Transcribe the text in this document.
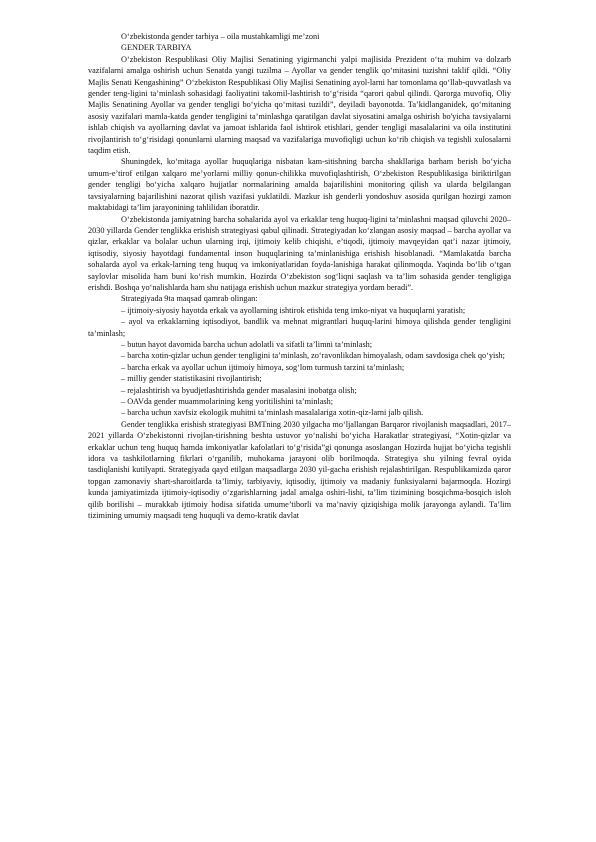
O‘zbekistonda gender tarbiya – oila mustahkamligi me’zoni

GENDER TARBIYA

O‘zbekiston Respublikasi Oliy Majlisi Senatining yigirmanchi yalpi majlisida Prezident o‘ta muhim va dolzarb vazifalarni amalga oshirish uchun Senatda yangi tuzilma – Ayollar va gender tenglik qo‘mitasini tuzishni taklif qildi. “Oliy Majlis Senati Kengashining” O‘zbekiston Respublikasi Oliy Majlisi Senatining ayol-larni har tomonlama qo‘llab-quvvatlash va gender teng-ligini ta’minlash sohasidagi faoliyatini takomil-lashtirish to‘g‘risida “qarori qabul qilindi. Qarorga muvofiq, Oliy Majlis Senatining Ayollar va gender tengligi bo‘yicha qo‘mitasi tuzildi”, deyiladi bayonotda. Ta’kidlanganidek, qo‘mitaning asosiy vazifalari mamla-katda gender tengligini ta’minlashga qaratilgan davlat siyosatini amalga oshirish bo'yicha tavsiyalarni ishlab chiqish va ayollarning davlat va jamoat ishlarida faol ishtirok etishlari, gender tengligi masalalarini va oila institutini rivojlantirish to‘g‘risidagi qonunlarni ularning maqsad va vazifalariga muvofiqligi uchun ko‘rib chiqish va tegishli xulosalarni taqdim etish.

Shuningdek, ko‘mitaga ayollar huquqlariga nisbatan kam-sitishning barcha shakllariga barham berish bo‘yicha umum-e’tirof etilgan xalqaro me’yorlarni milliy qonun-chilikka muvofiqlashtirish, O‘zbekiston Respublikasiga biriktirilgan gender tengligi bo‘yicha xalqaro hujjatlar normalarining amalda bajarilishini monitoring qilish va ularda belgilangan tavsiyalarning bajarilishini nazorat qilish vazifasi yuklatildi. Mazkur ish genderli yondoshuv asosida qurilgan hozirgi zamon maktabidagi ta’lim jarayonining tahlilidan iboratdir.

O‘zbekistonda jamiyatning barcha sohalarida ayol va erkaklar teng huquq-ligini ta’minlashni maqsad qiluvchi 2020–2030 yillarda Gender tenglikka erishish strategiyasi qabul qilinadi. Strategiyadan ko‘zlangan asosiy maqsad – barcha ayollar va qizlar, erkaklar va bolalar uchun ularning irqi, ijtimoiy kelib chiqishi, e’tiqodi, ijtimoiy mavqeyidan qat’i nazar ijtimoiy, iqtisodiy, siyosiy hayotdagi fundamental inson huquqlarining ta’minlanishiga erishish hisoblanadi. “Mamlakatda barcha sohalarda ayol va erkak-larning teng huquq va imkoniyatlaridan foyda-lanishiga harakat qilinmoqda. Yaqinda bo‘lib o‘tgan saylovlar misolida ham buni ko‘rish mumkin. Hozirda O‘zbekiston sog‘liqni saqlash va ta’lim sohasida gender tengligiga erishdi. Boshqa yo‘nalishlarda ham shu natijaga erishish uchun mazkur strategiya yordam beradi”.

Strategiyada 9ta maqsad qamrab olingan:

– ijtimoiy-siyosiy hayotda erkak va ayollarning ishtirok etishida teng imko-niyat va huquqlarni yaratish;

– ayol va erkaklarning iqtisodiyot, bandlik va mehnat migrantlari huquq-larini himoya qilishda gender tengligini ta’minlash;

– butun hayot davomida barcha uchun adolatli va sifatli ta’limni ta’minlash;

– barcha xotin-qizlar uchun gender tengligini ta’minlash, zo‘ravonlikdan himoyalash, odam savdosiga chek qo‘yish;

– barcha erkak va ayollar uchun ijtimoiy himoya, sog‘lom turmush tarzini ta’minlash;

– milliy gender statistikasini rivojlantirish;

– rejalashtirish va byudjetlashtirishda gender masalasini inobatga olish;

– OAVda gender muammolarining keng yoritilishini ta’minlash;

– barcha uchun xavfsiz ekologik muhitni ta’minlash masalalariga xotin-qiz-larni jalb qilish.

Gender tenglikka erishish strategiyasi BMTning 2030 yilgacha mo‘ljallangan Barqaror rivojlanish maqsadlari, 2017–2021 yillarda O‘zbekistonni rivojlan-tirishning beshta ustuvor yo‘nalishi bo‘yicha Harakatlar strategiyasi, “Xotin-qizlar va erkaklar uchun teng huquq hamda imkoniyatlar kafolatlari to‘g‘risida”gi qonunga asoslangan Hozirda hujjat bo‘yicha tegishli idora va tashkilotlarning fikrlari o‘rganilib, muhokama jarayoni olib borilmoqda. Strategiya shu yilning fevral oyida tasdiqlanishi kutilyapti. Strategiyada qayd etilgan maqsadlarga 2030 yil-gacha erishish rejalashtirilgan. Respublikamizda qaror topgan zamonaviy shart-sharoitlarda ta’limiy, tarbiyaviy, iqtisodiy, ijtimoiy va madaniy funksiyalarni bajarmoqda. Hozirgi kunda jamiyatimizda ijtimoiy-iqtisodiy o‘zgarishlarning jadal amalga oshiri-lishi, ta’lim tizimining bosqichma-bosqich isloh qilib borilishi – murakkab ijtimoiy hodisa sifatida umume’tiborli va ma’naviy qiziqishiga molik jarayonga aylandi. Ta’lim tizimining umumiy maqsadi teng huquqli va demo-kratik davlat
